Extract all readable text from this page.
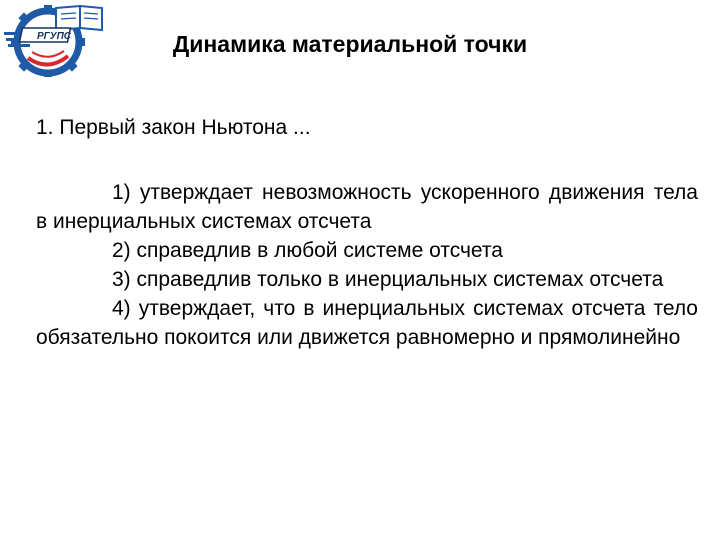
РГУПС	Динамика материальной точки

1. Первый закон Ньютона ...

1) утверждает невозможность ускоренного движения тела в инерциальных системах отсчета

2) справедлив в любой системе отсчета

3) справедлив только в инерциальных системах отсчета

4) утверждает, что в инерциальных системах отсчета тело обязательно покоится или движется равномерно и прямолинейно
